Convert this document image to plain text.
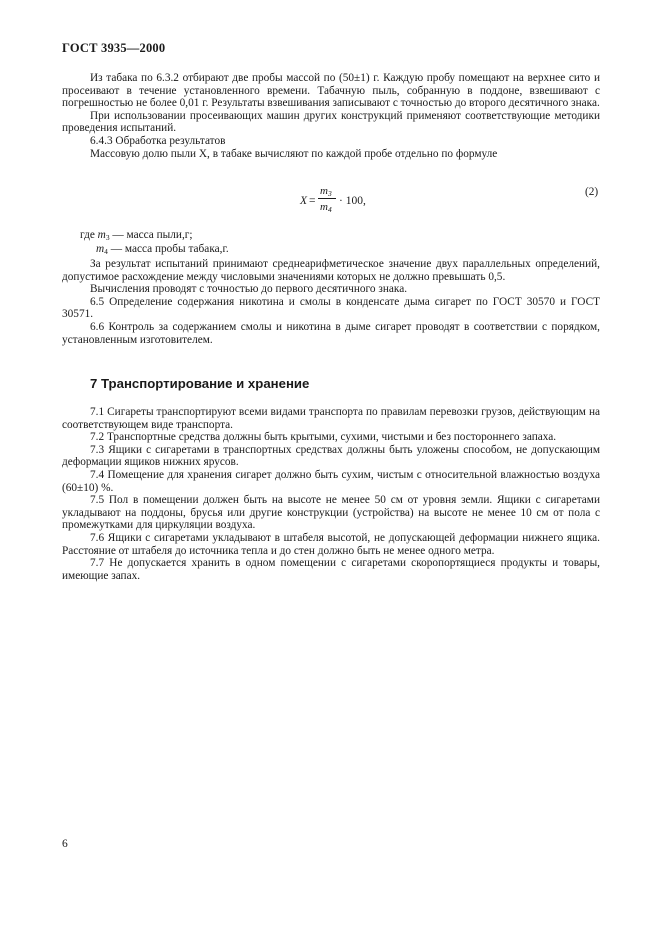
ГОСТ 3935—2000

Из табака по 6.3.2 отбирают две пробы массой по (50±1) г. Каждую пробу помещают на верхнее сито и просеивают в течение установленного времени. Табачную пыль, собранную в поддоне, взвешивают с погрешностью не более 0,01 г. Результаты взвешивания записывают с точностью до второго десятичного знака.

При использовании просеивающих машин других конструкций применяют соответствующие методики проведения испытаний.

6.4.3 Обработка результатов

Массовую долю пыли X, в табаке вычисляют по каждой пробе отдельно по формуле

X =
$m_3$
$m_4$
· 100,
(2)
где $m_3$ — масса пыли,г;
$m_4$ — масса пробы табака,г.

За результат испытаний принимают среднеарифметическое значение двух параллельных определений, допустимое расхождение между числовыми значениями которых не должно превышать 0,5.

Вычисления проводят с точностью до первого десятичного знака.

6.5 Определение содержания никотина и смолы в конденсате дыма сигарет по ГОСТ 30570 и ГОСТ 30571.

6.6 Контроль за содержанием смолы и никотина в дыме сигарет проводят в соответствии с порядком, установленным изготовителем.

7 Транспортирование и хранение

7.1 Сигареты транспортируют всеми видами транспорта по правилам перевозки грузов, действующим на соответствующем виде транспорта.

7.2 Транспортные средства должны быть крытыми, сухими, чистыми и без постороннего запаха.

7.3 Ящики с сигаретами в транспортных средствах должны быть уложены способом, не допускающим деформации ящиков нижних ярусов.

7.4 Помещение для хранения сигарет должно быть сухим, чистым с относительной влажностью воздуха (60±10) %.

7.5 Пол в помещении должен быть на высоте не менее 50 см от уровня земли. Ящики с сигаретами укладывают на поддоны, брусья или другие конструкции (устройства) на высоте не менее 10 см от пола с промежутками для циркуляции воздуха.

7.6 Ящики с сигаретами укладывают в штабеля высотой, не допускающей деформации нижнего ящика. Расстояние от штабеля до источника тепла и до стен должно быть не менее одного метра.

7.7 Не допускается хранить в одном помещении с сигаретами скоропортящиеся продукты и товары, имеющие запах.

6
